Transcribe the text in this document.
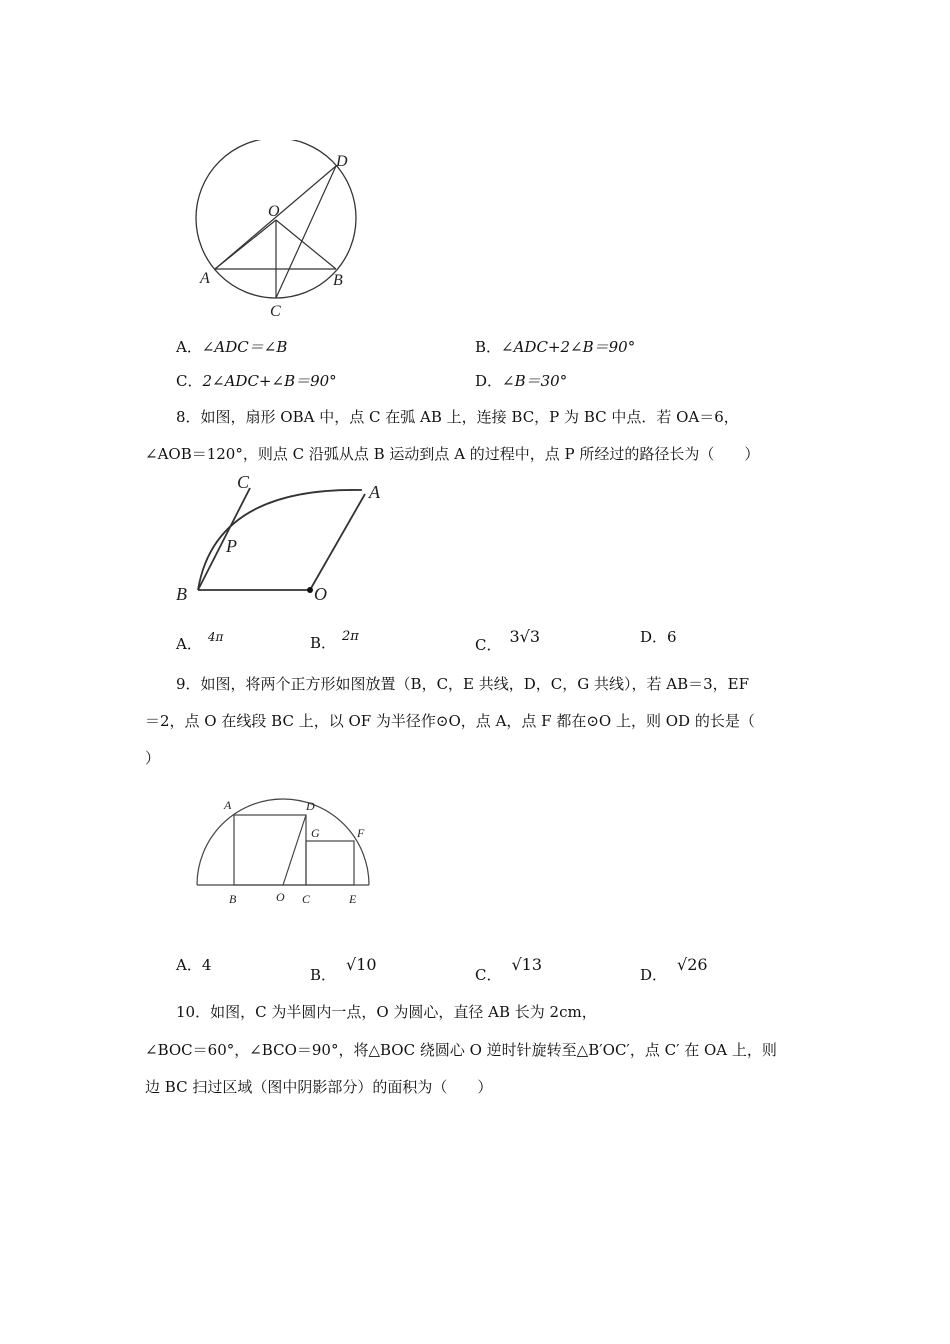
D
O
A	B
C
A．∠ADC＝∠B	B．∠ADC+2∠B＝90°
C．2∠ADC+∠B＝90°	D．∠B＝30°
8．如图，扇形 OBA 中，点 C 在弧 AB 上，连接 BC，P 为 BC 中点．若 OA＝6，
∠AOB＝120°，则点 C 沿弧从点 B 运动到点 A 的过程中，点 P 所经过的路径长为（　　）
C	A
P
B	O
A． $^{4\pi}$	B． 2π	C． 3√3	D．6
9．如图，将两个正方形如图放置（B，C，E 共线，D，C，G 共线），若 AB＝3，EF
＝2，点 O 在线段 BC 上，以 OF 为半径作⊙O，点 A，点 F 都在⊙O 上，则 OD 的长是（
）
A	D
G	F
B	O C	E
A．4
B．√10
C．√13
D．√26
10．如图，C 为半圆内一点，O 为圆心，直径 AB 长为 2cm，
∠BOC＝60°，∠BCO＝90°，将△BOC 绕圆心 O 逆时针旋转至△B′OC′，点 C′ 在 OA 上，则
边 BC 扫过区域（图中阴影部分）的面积为（　　）
